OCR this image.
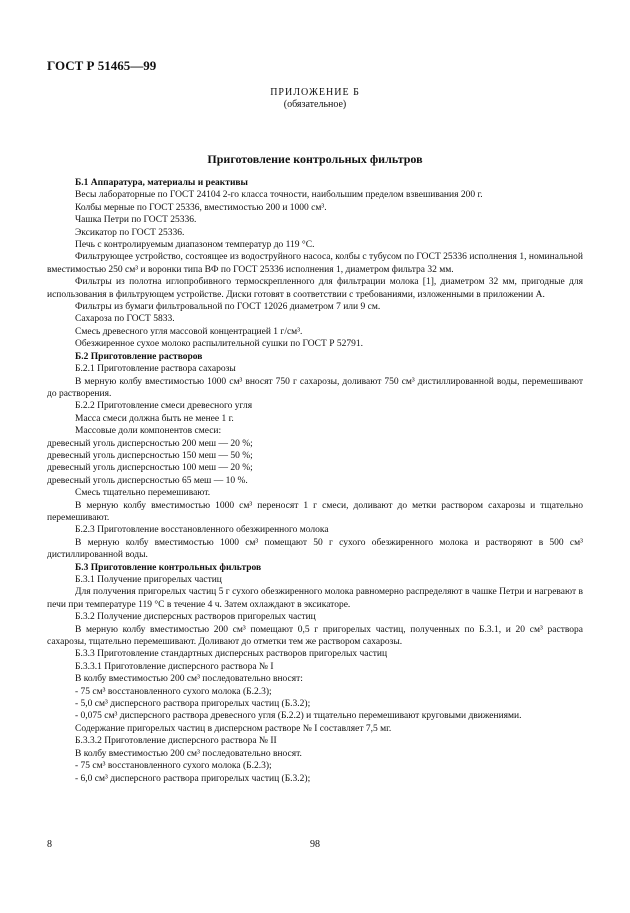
ГОСТ Р 51465—99
ПРИЛОЖЕНИЕ Б
(обязательное)
Приготовление контрольных фильтров

Б.1 Аппаратура, материалы и реактивы

Весы лабораторные по ГОСТ 24104 2-го класса точности, наибольшим пределом взвешивания 200 г.

Колбы мерные по ГОСТ 25336, вместимостью 200 и 1000 см³.

Чашка Петри по ГОСТ 25336.

Эксикатор по ГОСТ 25336.

Печь с контролируемым диапазоном температур до 119 °С.

Фильтрующее устройство, состоящее из водоструйного насоса, колбы с тубусом по ГОСТ 25336 исполнения 1, номинальной вместимостью 250 см³ и воронки типа ВФ по ГОСТ 25336 исполнения 1, диаметром фильтра 32 мм.

Фильтры из полотна иглопробивного термоскрепленного для фильтрации молока [1], диаметром 32 мм, пригодные для использования в фильтрующем устройстве. Диски готовят в соответствии с требованиями, изложенными в приложении А.

Фильтры из бумаги фильтровальной по ГОСТ 12026 диаметром 7 или 9 см.

Сахароза по ГОСТ 5833.

Смесь древесного угля массовой концентрацией 1 г/см³.

Обезжиренное сухое молоко распылительной сушки по ГОСТ Р 52791.

Б.2 Приготовление растворов

Б.2.1 Приготовление раствора сахарозы

В мерную колбу вместимостью 1000 см³ вносят 750 г сахарозы, доливают 750 см³ дистиллированной воды, перемешивают до растворения.

Б.2.2 Приготовление смеси древесного угля

Масса смеси должна быть не менее 1 г.

Массовые доли компонентов смеси:

древесный уголь дисперсностью 200 меш — 20 %;

древесный уголь дисперсностью 150 меш — 50 %;

древесный уголь дисперсностью 100 меш — 20 %;

древесный уголь дисперсностью 65 меш — 10 %.

Смесь тщательно перемешивают.

В мерную колбу вместимостью 1000 см³ переносят 1 г смеси, доливают до метки раствором сахарозы и тщательно перемешивают.

Б.2.3 Приготовление восстановленного обезжиренного молока

В мерную колбу вместимостью 1000 см³ помещают 50 г сухого обезжиренного молока и растворяют в 500 см³ дистиллированной воды.

Б.3 Приготовление контрольных фильтров

Б.3.1 Получение пригорелых частиц

Для получения пригорелых частиц 5 г сухого обезжиренного молока равномерно распределяют в чашке Петри и нагревают в печи при температуре 119 °С в течение 4 ч. Затем охлаждают в эксикаторе.

Б.3.2 Получение дисперсных растворов пригорелых частиц

В мерную колбу вместимостью 200 см³ помещают 0,5 г пригорелых частиц, полученных по Б.3.1, и 20 см³ раствора сахарозы, тщательно перемешивают. Доливают до отметки тем же раствором сахарозы.

Б.3.3 Приготовление стандартных дисперсных растворов пригорелых частиц

Б.3.3.1 Приготовление дисперсного раствора № I

В колбу вместимостью 200 см³ последовательно вносят:

- 75 см³ восстановленного сухого молока (Б.2.3);

- 5,0 см³ дисперсного раствора пригорелых частиц (Б.3.2);

- 0,075 см³ дисперсного раствора древесного угля (Б.2.2) и тщательно перемешивают круговыми движениями.

Содержание пригорелых частиц в дисперсном растворе № I составляет 7,5 мг.

Б.3.3.2 Приготовление дисперсного раствора № II

В колбу вместимостью 200 см³ последовательно вносят.

- 75 см³ восстановленного сухого молока (Б.2.3);

- 6,0 см³ дисперсного раствора пригорелых частиц (Б.3.2);

8	98
